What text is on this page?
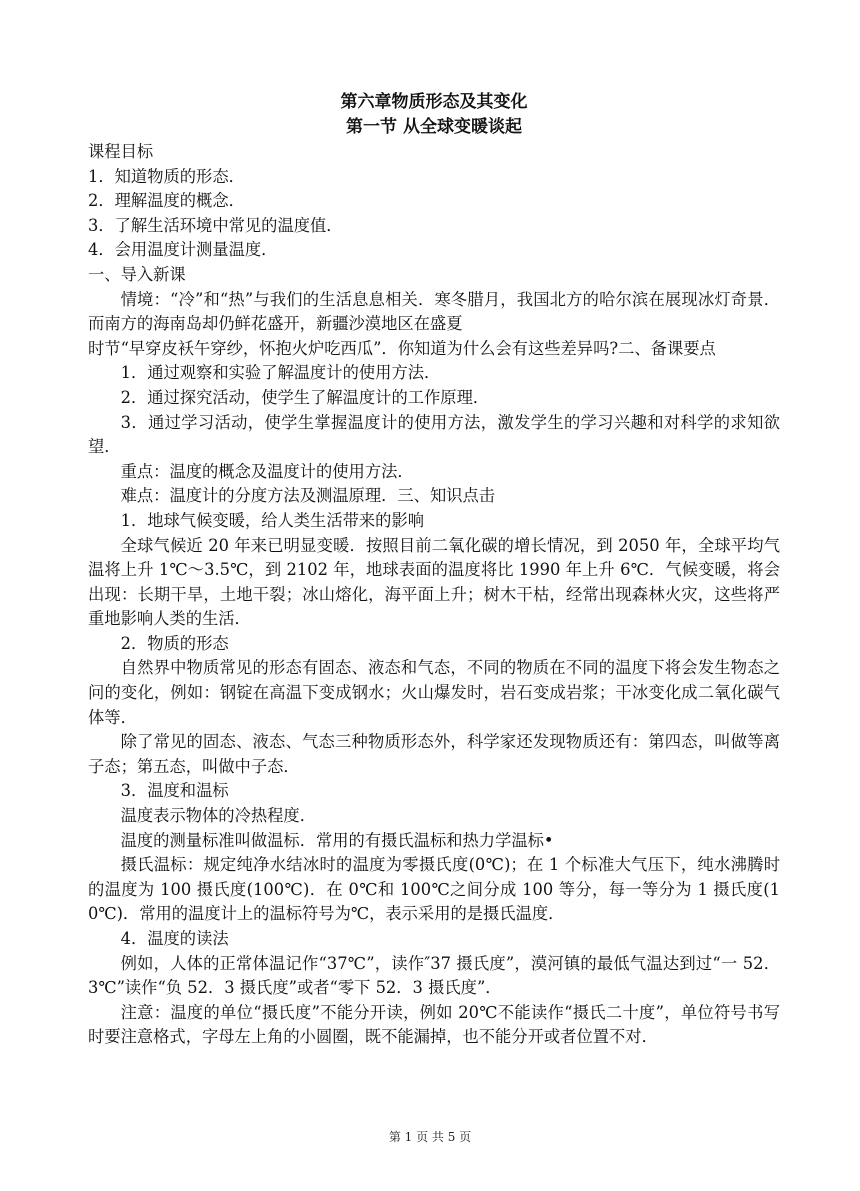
第六章物质形态及其变化
第一节 从全球变暖谈起

课程目标

1．知道物质的形态．

2．理解温度的概念．

3．了解生活环境中常见的温度值．

4．会用温度计测量温度．

一、导入新课

情境：“冷”和“热”与我们的生活息息相关．寒冬腊月，我国北方的哈尔滨在展现冰灯奇景．而南方的海南岛却仍鲜花盛开，新疆沙漠地区在盛夏

时节“早穿皮袄午穿纱，怀抱火炉吃西瓜”．你知道为什么会有这些差异吗?二、备课要点

1．通过观察和实验了解温度计的使用方法．

2．通过探究活动，使学生了解温度计的工作原理．

3．通过学习活动，使学生掌握温度计的使用方法，激发学生的学习兴趣和对科学的求知欲望．

重点：温度的概念及温度计的使用方法．

难点：温度计的分度方法及测温原理．三、知识点击

1．地球气候变暖，给人类生活带来的影响

全球气候近 20 年来已明显变暖．按照目前二氧化碳的增长情况，到 2050 年，全球平均气温将上升 1℃～3.5℃，到 2102 年，地球表面的温度将比 1990 年上升 6℃．气候变暖，将会出现：长期干旱，土地干裂；冰山熔化，海平面上升；树木干枯，经常出现森林火灾，这些将严重地影响人类的生活．

2．物质的形态

自然界中物质常见的形态有固态、液态和气态，不同的物质在不同的温度下将会发生物态之问的变化，例如：钢锭在高温下变成钢水；火山爆发时，岩石变成岩浆；干冰变化成二氧化碳气体等．

除了常见的固态、液态、气态三种物质形态外，科学家还发现物质还有：第四态，叫做等离子态；第五态，叫做中子态．

3．温度和温标

温度表示物体的冷热程度．

温度的测量标准叫做温标．常用的有摄氏温标和热力学温标•

摄氏温标：规定纯净水结冰时的温度为零摄氏度(0℃)；在 1 个标准大气压下，纯水沸腾时的温度为 100 摄氏度(100℃)．在 0℃和 100℃之间分成 100 等分，每一等分为 1 摄氏度(10℃)．常用的温度计上的温标符号为℃，表示采用的是摄氏温度．

4．温度的读法

例如，人体的正常体温记作“37℃”，读作″37 摄氏度”，漠河镇的最低气温达到过“一 52．3℃”读作“负 52．3 摄氏度”或者“零下 52．3 摄氏度”．

注意：温度的单位“摄氏度”不能分开读，例如 20℃不能读作“摄氏二十度”，单位符号书写时要注意格式，字母左上角的小圆圈，既不能漏掉，也不能分开或者位置不对．

第 1 页 共 5 页
